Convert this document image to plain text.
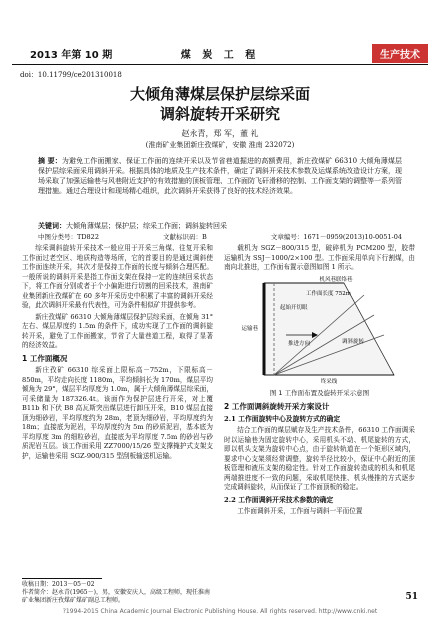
2013 年第 10 期	煤 炭 工 程	生产技术
doi：10.11799/ce201310018
大倾角薄煤层保护层综采面
调斜旋转开采研究
赵永青，郑 军，董 礼
(淮南矿业集团新庄孜煤矿，安徽 淮南 232072)
摘 要：为避免工作面搬家、保证工作面的连续开采以及节省巷道掘进的高额费用，新庄孜煤矿 66310 大倾角薄煤层保护层综采面采用调斜开采。根据具体的地质及生产技术条件，确定了调斜开采技术参数及运煤系统改造设计方案，现场采取了加强运输巷与风巷附近支护的有效措施的顶板管理、工作面防飞矸滑移的控制、工作面支架的调整等一系列管理措施。通过合理设计和现场精心组织，此次调斜开采获得了良好的技术经济效果。
关键词：大倾角薄煤层；保护层；综采工作面；调斜旋转回采
中图分类号：TD822	文献标识码：B	文章编号：1671－0959(2013)10-0051-04

综采调斜旋转开采技术一般应用于开采三角煤、往复开采和工作面过老空区、地质构造等场所，它的首要目的是通过调斜使工作面连续开采，其次才是保持工作面的长度与倾斜合理匹配。一般所说的调斜开采是指工作面支架在保持一定的连续回采状态下，将工作面分别或者于个小偏距进行切割的回采技术，淮南矿业集团新庄孜煤矿在 60 多年开采历史中积累了丰富的调斜开采经验，此次调斜开采最有代表性，可为条件相似矿井提供参考。

新庄孜煤矿 66310 大倾角薄煤层保护层综采面，在倾角 31°左右、煤层厚度约 1.5m 的条件下，成功实现了工作面的调斜旋转开采，避免了工作面搬家，节省了大量巷道工程，取得了显著的经济效益。

1 工作面概况

新庄孜矿 66310 综采面上限标高－752m，下限标高－850m，平均走向长度 1180m，平均倾斜长为 170m，煤层平均倾角为 29°，煤层平均厚度为 1.0m，属于大倾角薄煤层综采面，可采储量为 187326.4t。该面作为保护层进行开采，对上覆 B11b 和下伏 B8 高瓦斯突出煤层进行卸压开采，B10 煤层直接顶为细砂岩，平均厚度约为 28m，老顶为细砂岩，平均厚度约为 18m；直接底为泥岩，平均厚度约为 5m 的砂质泥岩，基本底为平均厚度 3m 的细粒砂岩，直接底为平均厚度 7.5m 的砂岩与砂质泥岩互层。该工作面采用 ZZ7000/15/26 型支撑掩护式支架支护，运输巷采用 SGZ-900/315 型刮板输送机运输。

载机为 SGZ－800/315 型，破碎机为 PCM200 型，胶带运输机为 SSJ－1000/2×100 型。工作面采用单向下行割煤，由南向北推进，工作面布置示意图如图 1 所示。

机风巷联络巷
工作面长度 752m
运输巷
起始开切眼
调斜旋转
推进方向
终采线
图 1 工作面布置及旋转开采示意图
2 工作面调斜旋转开采方案设计
2.1 工作面旋转中心及旋转方式的确定

结合工作面的煤层赋存及生产技术条件，66310 工作面调采时以运输巷为固定旋转中心，采用机头不动、机尾旋转的方式，即以机头支架为旋转中心点，由于旋转轨道在一个矩形区域内，要求中心支架须经常调整，旋转半径比较小，保证中心附近的顶板管理和液压支架的稳定性。针对工作面旋转造成的机头和机尾两端推进度不一致的问题，采取机尾快推、机头慢推的方式逐步完成调斜旋转，从而保证了工作面顶板的稳定。

2.2 工作面调斜开采技术参数的确定

工作面调斜开采，工作面与调斜一平而位置

收稿日期：2013－05－02
作者简介：赵永青(1965－)，男，安徽安庆人，高级工程师，现任淮南矿业集团新庄孜煤矿煤矿副总工程师。	51
?1994-2015 China Academic Journal Electronic Publishing House. All rights reserved. http://www.cnki.net
